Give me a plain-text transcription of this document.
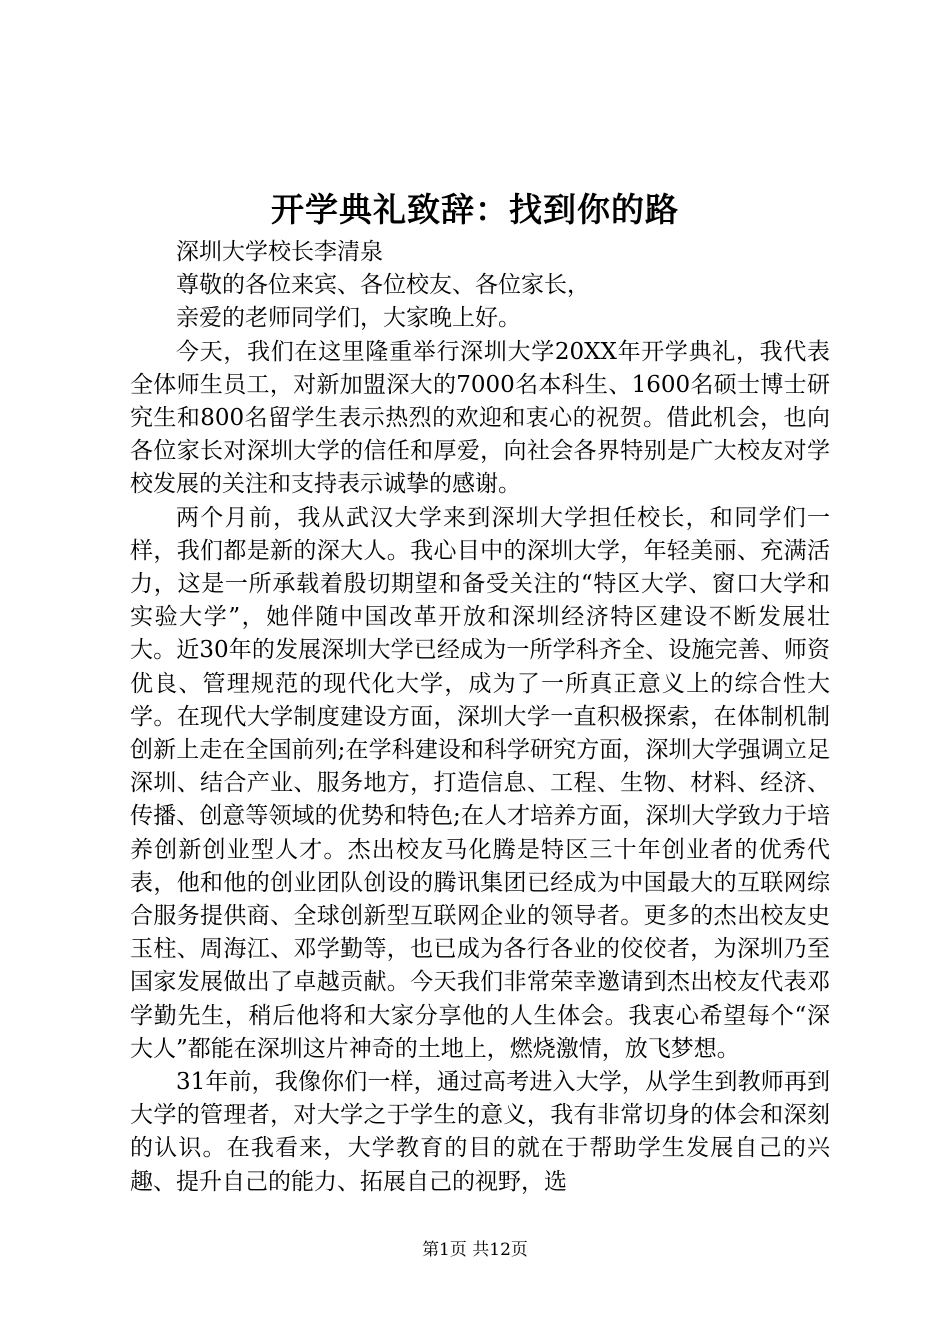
开学典礼致辞：找到你的路

深圳大学校长李清泉

尊敬的各位来宾、各位校友、各位家长，

亲爱的老师同学们，大家晚上好。

今天，我们在这里隆重举行深圳大学20XX年开学典礼，我代表全体师生员工，对新加盟深大的7000名本科生、1600名硕士博士研究生和800名留学生表示热烈的欢迎和衷心的祝贺。借此机会，也向各位家长对深圳大学的信任和厚爱，向社会各界特别是广大校友对学校发展的关注和支持表示诚挚的感谢。

两个月前，我从武汉大学来到深圳大学担任校长，和同学们一样，我们都是新的深大人。我心目中的深圳大学，年轻美丽、充满活力，这是一所承载着殷切期望和备受关注的“特区大学、窗口大学和实验大学”，她伴随中国改革开放和深圳经济特区建设不断发展壮大。近30年的发展深圳大学已经成为一所学科齐全、设施完善、师资优良、管理规范的现代化大学，成为了一所真正意义上的综合性大学。在现代大学制度建设方面，深圳大学一直积极探索，在体制机制创新上走在全国前列;在学科建设和科学研究方面，深圳大学强调立足深圳、结合产业、服务地方，打造信息、工程、生物、材料、经济、传播、创意等领域的优势和特色;在人才培养方面，深圳大学致力于培养创新创业型人才。杰出校友马化腾是特区三十年创业者的优秀代表，他和他的创业团队创设的腾讯集团已经成为中国最大的互联网综合服务提供商、全球创新型互联网企业的领导者。更多的杰出校友史玉柱、周海江、邓学勤等，也已成为各行各业的佼佼者，为深圳乃至国家发展做出了卓越贡献。今天我们非常荣幸邀请到杰出校友代表邓学勤先生，稍后他将和大家分享他的人生体会。我衷心希望每个“深大人”都能在深圳这片神奇的土地上，燃烧激情，放飞梦想。

31年前，我像你们一样，通过高考进入大学，从学生到教师再到大学的管理者，对大学之于学生的意义，我有非常切身的体会和深刻的认识。在我看来，大学教育的目的就在于帮助学生发展自己的兴趣、提升自己的能力、拓展自己的视野，选

第1页 共12页
